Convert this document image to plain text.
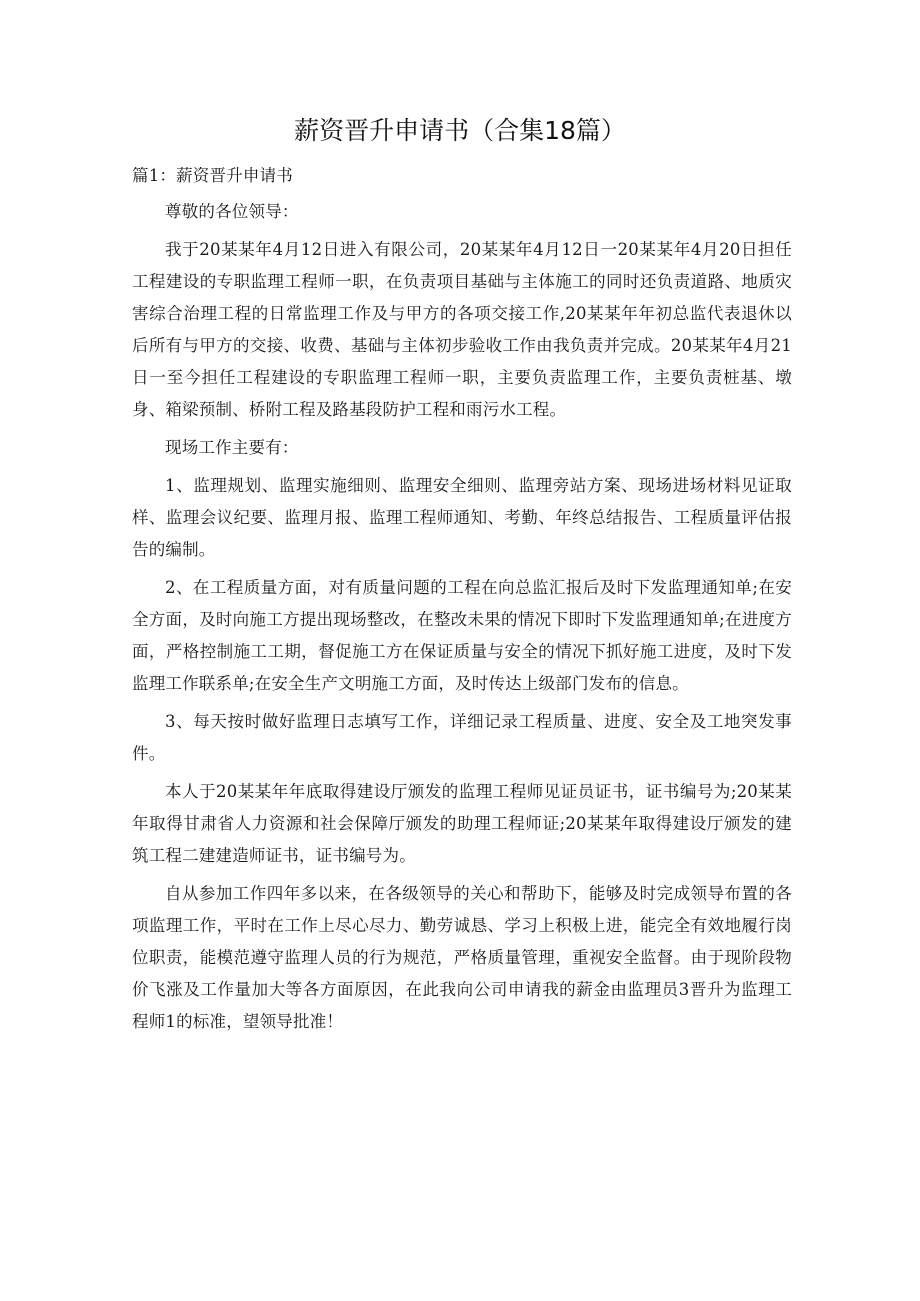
薪资晋升申请书（合集18篇）

篇1：薪资晋升申请书

尊敬的各位领导：

我于20某某年4月12日进入有限公司，20某某年4月12日一20某某年4月20日担任工程建设的专职监理工程师一职，在负责项目基础与主体施工的同时还负责道路、地质灾害综合治理工程的日常监理工作及与甲方的各项交接工作,20某某年年初总监代表退休以后所有与甲方的交接、收费、基础与主体初步验收工作由我负责并完成。20某某年4月21日一至今担任工程建设的专职监理工程师一职，主要负责监理工作，主要负责桩基、墩身、箱梁预制、桥附工程及路基段防护工程和雨污水工程。

现场工作主要有：

1、监理规划、监理实施细则、监理安全细则、监理旁站方案、现场进场材料见证取样、监理会议纪要、监理月报、监理工程师通知、考勤、年终总结报告、工程质量评估报告的编制。

2、在工程质量方面，对有质量问题的工程在向总监汇报后及时下发监理通知单;在安全方面，及时向施工方提出现场整改，在整改未果的情况下即时下发监理通知单;在进度方面，严格控制施工工期，督促施工方在保证质量与安全的情况下抓好施工进度，及时下发监理工作联系单;在安全生产文明施工方面，及时传达上级部门发布的信息。

3、每天按时做好监理日志填写工作，详细记录工程质量、进度、安全及工地突发事件。

本人于20某某年年底取得建设厅颁发的监理工程师见证员证书，证书编号为;20某某年取得甘肃省人力资源和社会保障厅颁发的助理工程师证;20某某年取得建设厅颁发的建筑工程二建建造师证书，证书编号为。

自从参加工作四年多以来，在各级领导的关心和帮助下，能够及时完成领导布置的各项监理工作，平时在工作上尽心尽力、勤劳诚恳、学习上积极上进，能完全有效地履行岗位职责，能模范遵守监理人员的行为规范，严格质量管理，重视安全监督。由于现阶段物价飞涨及工作量加大等各方面原因，在此我向公司申请我的薪金由监理员3晋升为监理工程师1的标准，望领导批准！
